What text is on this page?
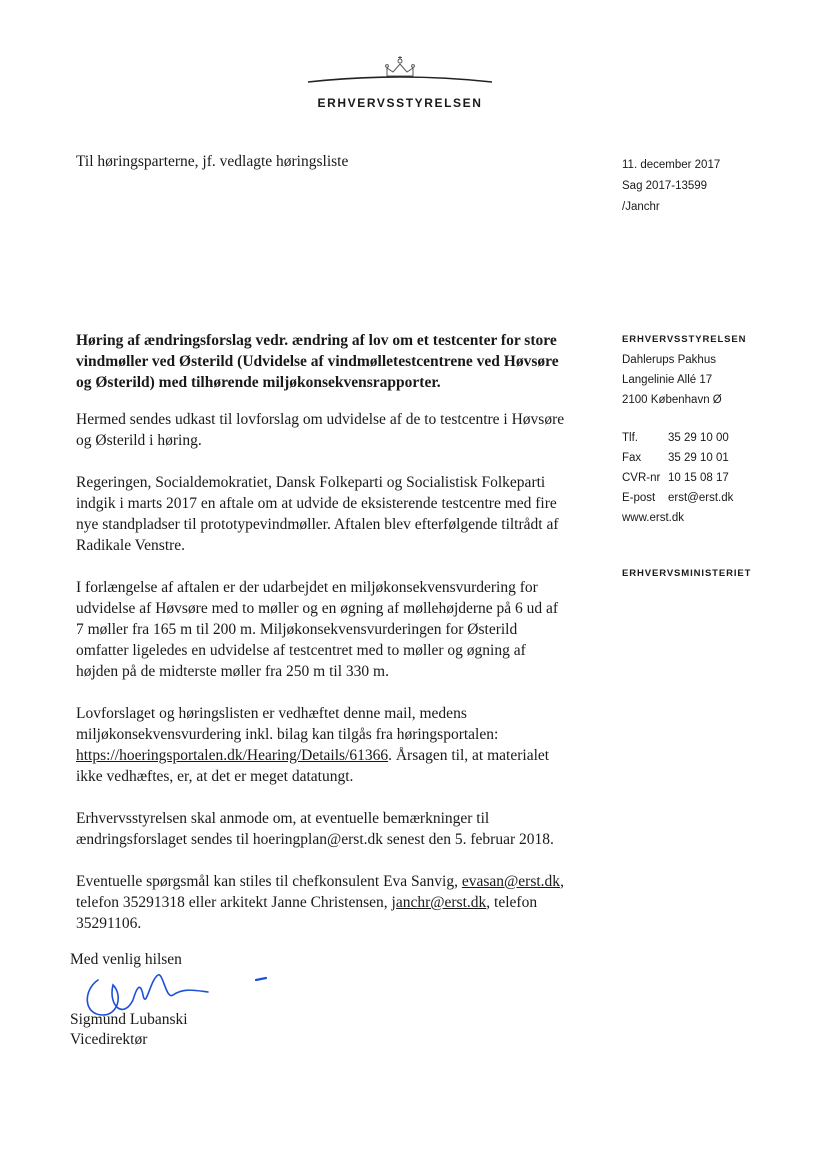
ERHVERVSSTYRELSEN
Til høringsparterne, jf. vedlagte høringsliste	11. december 2017
Sag 2017-13599
/Janchr
Høring af ændringsforslag vedr. ændring af lov om et testcenter for store vindmøller ved Østerild (Udvidelse af vindmølletestcentrene ved Høvsøre og Østerild) med tilhørende miljøkonsekvensrapporter.

Hermed sendes udkast til lovforslag om udvidelse af de to testcentre i Høvsøre og Østerild i høring.

Regeringen, Socialdemokratiet, Dansk Folkeparti og Socialistisk Folkeparti indgik i marts 2017 en aftale om at udvide de eksisterende testcentre med fire nye standpladser til prototypevindmøller. Aftalen blev efterfølgende tiltrådt af Radikale Venstre.

I forlængelse af aftalen er der udarbejdet en miljøkonsekvensvurdering for udvidelse af Høvsøre med to møller og en øgning af møllehøjderne på 6 ud af 7 møller fra 165 m til 200 m. Miljøkonsekvensvurderingen for Østerild omfatter ligeledes en udvidelse af testcentret med to møller og øgning af højden på de midterste møller fra 250 m til 330 m.

Lovforslaget og høringslisten er vedhæftet denne mail, medens miljøkonsekvensvurdering inkl. bilag kan tilgås fra høringsportalen: https://hoeringsportalen.dk/Hearing/Details/61366. Årsagen til, at materialet ikke vedhæftes, er, at det er meget datatungt.

Erhvervsstyrelsen skal anmode om, at eventuelle bemærkninger til ændringsforslaget sendes til hoeringplan@erst.dk senest den 5. februar 2018.

Eventuelle spørgsmål kan stiles til chefkonsulent Eva Sanvig, evasan@erst.dk, telefon 35291318 eller arkitekt Janne Christensen, janchr@erst.dk, telefon 35291106.

ERHVERVSSTYRELSEN
Dahlerups Pakhus
Langelinie Allé 17
2100 København Ø
Tlf.	35 29 10 00
Fax	35 29 10 01
CVR-nr 10 15 08 17
E-post	erst@erst.dk
www.erst.dk
ERHVERVSMINISTERIET
Med venlig hilsen
Sigmund Lubanski
Vicedirektør
